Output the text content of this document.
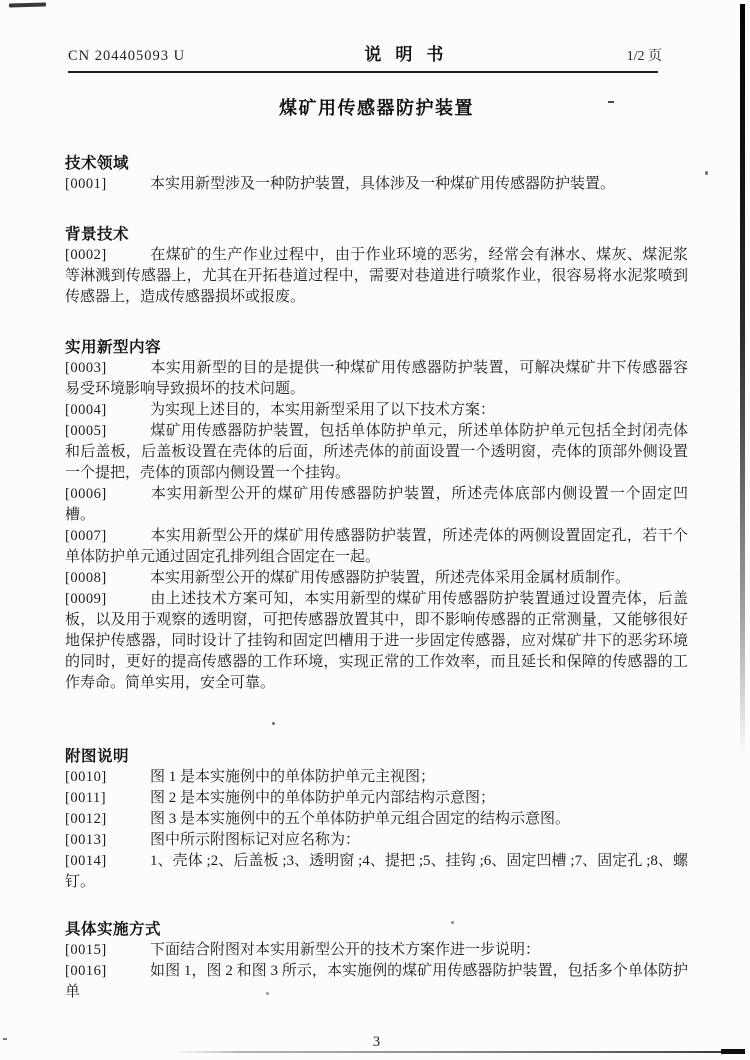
CN 204405093 U	说明书	1/2 页
煤矿用传感器防护装置
技术领域

[0001]	本实用新型涉及一种防护装置，具体涉及一种煤矿用传感器防护装置。

背景技术

[0002]	在煤矿的生产作业过程中，由于作业环境的恶劣，经常会有淋水、煤灰、煤泥浆等淋溅到传感器上，尤其在开拓巷道过程中，需要对巷道进行喷浆作业，很容易将水泥浆喷到传感器上，造成传感器损坏或报废。

实用新型内容

[0003]	本实用新型的目的是提供一种煤矿用传感器防护装置，可解决煤矿井下传感器容易受环境影响导致损坏的技术问题。

[0004]	为实现上述目的，本实用新型采用了以下技术方案：

[0005]	煤矿用传感器防护装置，包括单体防护单元，所述单体防护单元包括全封闭壳体和后盖板，后盖板设置在壳体的后面，所述壳体的前面设置一个透明窗，壳体的顶部外侧设置一个提把，壳体的顶部内侧设置一个挂钩。

[0006]	本实用新型公开的煤矿用传感器防护装置，所述壳体底部内侧设置一个固定凹槽。

[0007]	本实用新型公开的煤矿用传感器防护装置，所述壳体的两侧设置固定孔，若干个单体防护单元通过固定孔排列组合固定在一起。

[0008]	本实用新型公开的煤矿用传感器防护装置，所述壳体采用金属材质制作。

[0009]	由上述技术方案可知，本实用新型的煤矿用传感器防护装置通过设置壳体，后盖板，以及用于观察的透明窗，可把传感器放置其中，即不影响传感器的正常测量，又能够很好地保护传感器，同时设计了挂钩和固定凹槽用于进一步固定传感器，应对煤矿井下的恶劣环境的同时，更好的提高传感器的工作环境，实现正常的工作效率，而且延长和保障的传感器的工作寿命。简单实用，安全可靠。

附图说明

[0010]	图 1 是本实施例中的单体防护单元主视图；

[0011]	图 2 是本实施例中的单体防护单元内部结构示意图；

[0012]	图 3 是本实施例中的五个单体防护单元组合固定的结构示意图。

[0013]	图中所示附图标记对应名称为：

[0014]	1、壳体 ;2、后盖板 ;3、透明窗 ;4、提把 ;5、挂钩 ;6、固定凹槽 ;7、固定孔 ;8、螺钉。

具体实施方式

[0015]	下面结合附图对本实用新型公开的技术方案作进一步说明：

[0016]	如图 1，图 2 和图 3 所示，本实施例的煤矿用传感器防护装置，包括多个单体防护单

3
